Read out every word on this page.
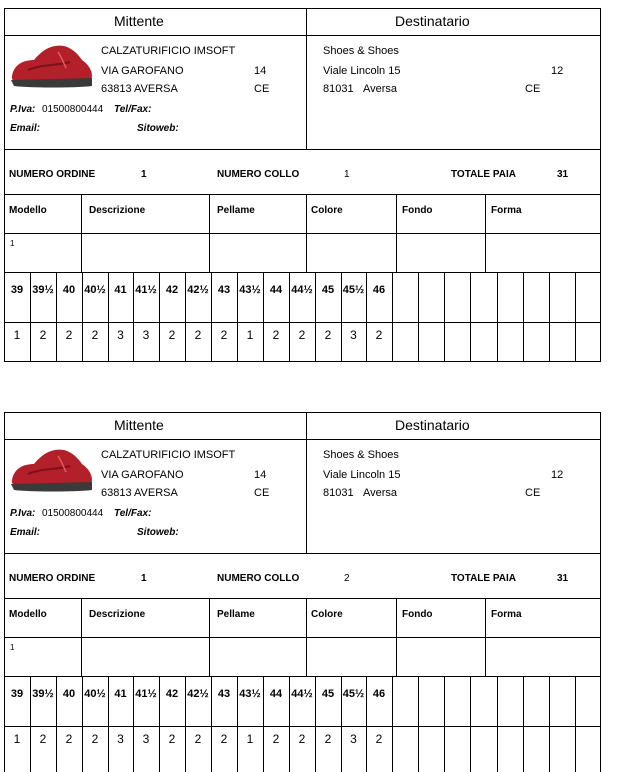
Mittente	Destinatario
CALZATURIFICIO IMSOFT
VIA GAROFANO	14
63813 AVERSA	CE
P.Iva: 01500800444 Tel/Fax:
Email:	Sitoweb:
Shoes & Shoes
Viale Lincoln 15	12
81031 Aversa	CE
NUMERO ORDINE	1	NUMERO COLLO	1	TOTALE PAIA	31
Modello	Descrizione	Pellame	Colore	Fondo	Forma
1
39 39½ 40 40½ 41 41½ 42 42½ 43 43½ 44 44½ 45 45½ 46
1	2	2	2	3	3	2	2	2	1	2	2	2	3	2
Mittente	Destinatario
CALZATURIFICIO IMSOFT
VIA GAROFANO	14
63813 AVERSA	CE
P.Iva: 01500800444 Tel/Fax:
Email:	Sitoweb:
Shoes & Shoes
Viale Lincoln 15	12
81031 Aversa	CE
NUMERO ORDINE	1	NUMERO COLLO	2	TOTALE PAIA	31
Modello	Descrizione	Pellame	Colore	Fondo	Forma
1
39 39½ 40 40½ 41 41½ 42 42½ 43 43½ 44 44½ 45 45½ 46
1	2	2	2	3	3	2	2	2	1	2	2	2	3	2
